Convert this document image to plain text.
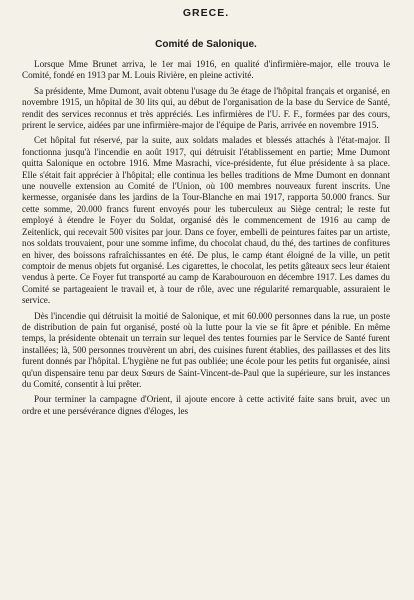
GRECE.
Comité de Salonique.

Lorsque Mme Brunet arriva, le 1er mai 1916, en qualité d'infirmière-major, elle trouva le Comité, fondé en 1913 par M. Louis Rivière, en pleine activité.

Sa présidente, Mme Dumont, avait obtenu l'usage du 3e étage de l'hôpital français et organisé, en novembre 1915, un hôpital de 30 lits qui, au début de l'organisation de la base du Service de Santé, rendit des services reconnus et très appréciés. Les infirmières de l'U. F. F., formées par des cours, prirent le service, aidées par une infirmière-major de l'équipe de Paris, arrivée en novembre 1915.

Cet hôpital fut réservé, par la suite, aux soldats malades et blessés attachés à l'état-major. Il fonctionna jusqu'à l'incendie en août 1917, qui détruisit l'établissement en partie; Mme Dumont quitta Salonique en octobre 1916. Mme Masrachi, vice-présidente, fut élue présidente à sa place. Elle s'était fait apprécier à l'hôpital; elle continua les belles traditions de Mme Dumont en donnant une nouvelle extension au Comité de l'Union, où 100 membres nouveaux furent inscrits. Une kermesse, organisée dans les jardins de la Tour-Blanche en mai 1917, rapporta 50.000 francs. Sur cette somme, 20.000 francs furent envoyés pour les tuberculeux au Siège central; le reste fut employé à étendre le Foyer du Soldat, organisé dès le commencement de 1916 au camp de Zeitenlick, qui recevait 500 visites par jour. Dans ce foyer, embelli de peintures faites par un artiste, nos soldats trouvaient, pour une somme infime, du chocolat chaud, du thé, des tartines de confitures en hiver, des boissons rafraîchissantes en été. De plus, le camp étant éloigné de la ville, un petit comptoir de menus objets fut organisé. Les cigarettes, le chocolat, les petits gâteaux secs leur étaient vendus à perte. Ce Foyer fut transporté au camp de Karabourouon en décembre 1917. Les dames du Comité se partageaient le travail et, à tour de rôle, avec une régularité remarquable, assuraient le service.

Dès l'incendie qui détruisit la moitié de Salonique, et mit 60.000 personnes dans la rue, un poste de distribution de pain fut organisé, posté où la lutte pour la vie se fit âpre et pénible. En même temps, la présidente obtenait un terrain sur lequel des tentes fournies par le Service de Santé furent installées; là, 500 personnes trouvèrent un abri, des cuisines furent établies, des paillasses et des lits furent donnés par l'hôpital. L'hygiène ne fut pas oubliée; une école pour les petits fut organisée, ainsi qu'un dispensaire tenu par deux Sœurs de Saint-Vincent-de-Paul que la supérieure, sur les instances du Comité, consentit à lui prêter.

Pour terminer la campagne d'Orient, il ajoute encore à cette activité faite sans bruit, avec un ordre et une persévérance dignes d'éloges, les
